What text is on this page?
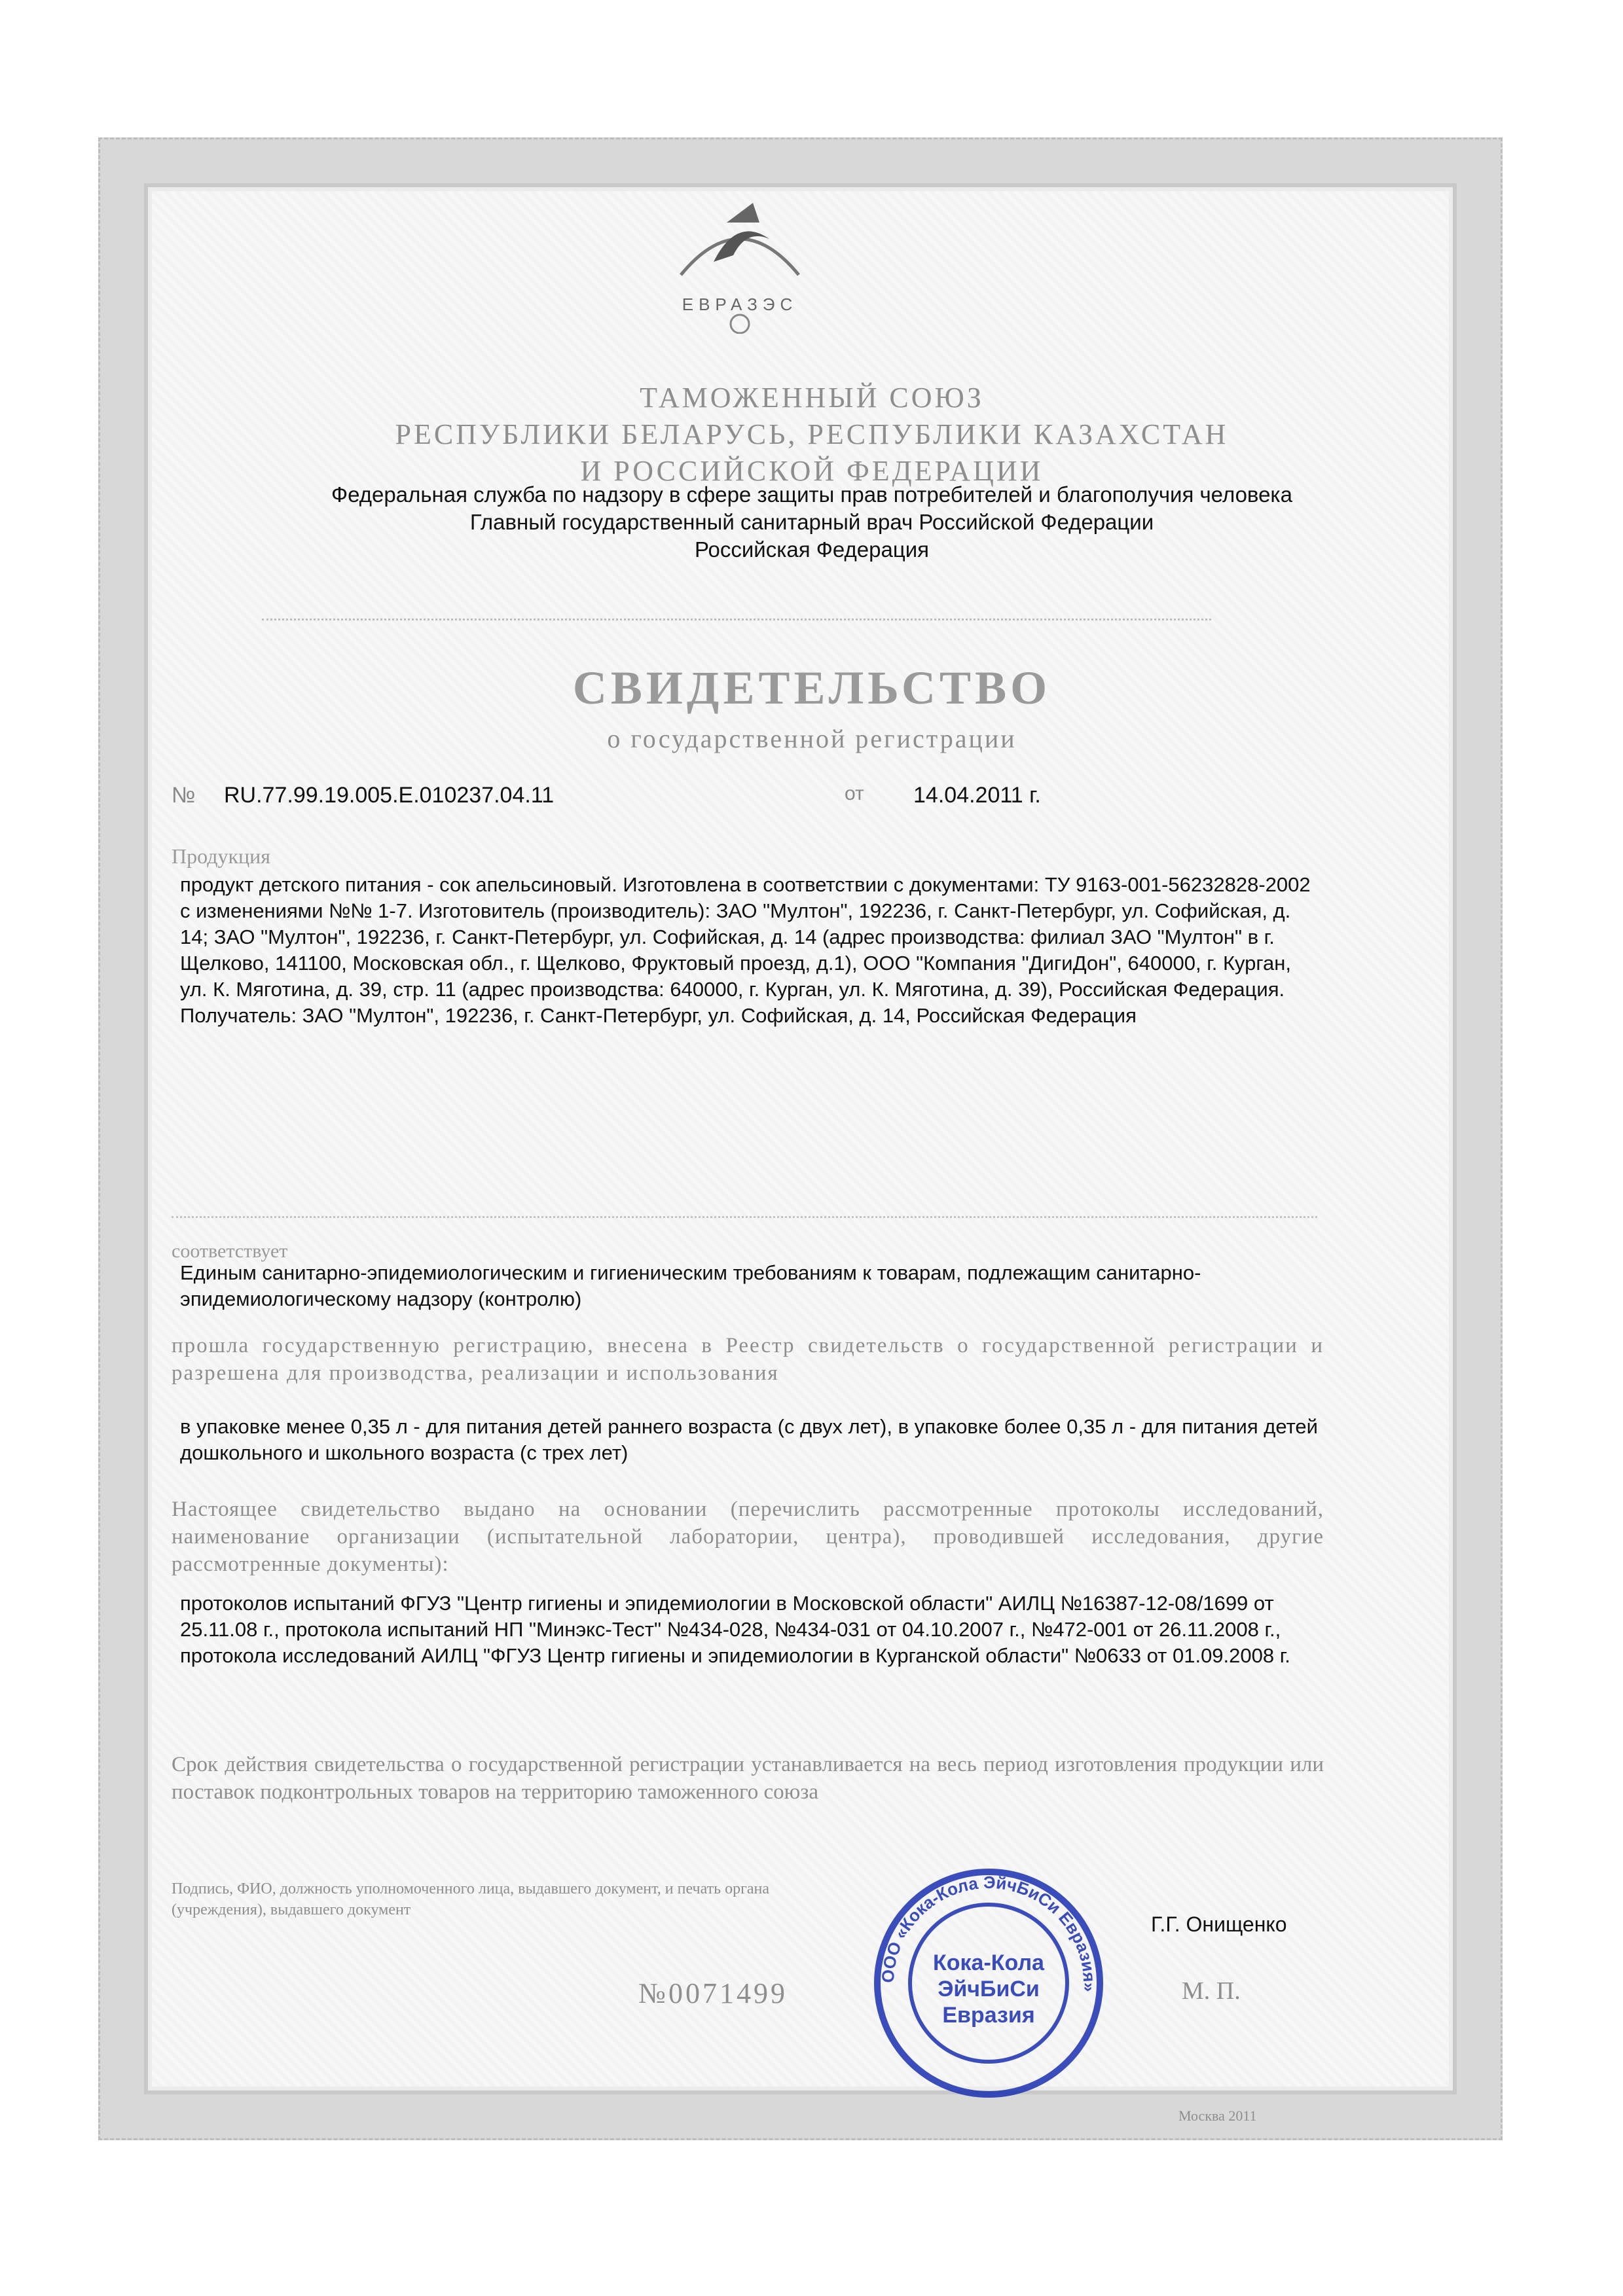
ЕВРАЗЭС
ТАМОЖЕННЫЙ СОЮЗ
РЕСПУБЛИКИ БЕЛАРУСЬ, РЕСПУБЛИКИ КАЗАХСТАН
И РОССИЙСКОЙ ФЕДЕРАЦИИ
Федеральная служба по надзору в сфере защиты прав потребителей и благополучия человека
Главный государственный санитарный врач Российской Федерации
Российская Федерация
СВИДЕТЕЛЬСТВО
о государственной регистрации
№ RU.77.99.19.005.Е.010237.04.11	от 14.04.2011 г.
Продукция
продукт детского питания - сок апельсиновый. Изготовлена в соответствии с документами: ТУ 9163-001-56232828-2002 с изменениями №№ 1-7. Изготовитель (производитель): ЗАО "Мултон", 192236, г. Санкт-Петербург, ул. Софийская, д. 14; ЗАО "Мултон", 192236, г. Санкт-Петербург, ул. Софийская, д. 14 (адрес производства: филиал ЗАО "Мултон" в г. Щелково, 141100, Московская обл., г. Щелково, Фруктовый проезд, д.1), ООО "Компания "ДигиДон", 640000, г. Курган, ул. К. Мяготина, д. 39, стр. 11 (адрес производства: 640000, г. Курган, ул. К. Мяготина, д. 39), Российская Федерация. Получатель: ЗАО "Мултон", 192236, г. Санкт-Петербург, ул. Софийская, д. 14, Российская Федерация
соответствует
Единым санитарно-эпидемиологическим и гигиеническим требованиям к товарам, подлежащим санитарно-эпидемиологическому надзору (контролю)
прошла государственную регистрацию, внесена в Реестр свидетельств о государственной регистрации и разрешена для производства, реализации и использования
в упаковке менее 0,35 л - для питания детей раннего возраста (с двух лет), в упаковке более 0,35 л - для питания детей дошкольного и школьного возраста (с трех лет)
Настоящее свидетельство выдано на основании (перечислить рассмотренные протоколы исследований, наименование организации (испытательной лаборатории, центра), проводившей исследования, другие рассмотренные документы):
протоколов испытаний ФГУЗ "Центр гигиены и эпидемиологии в Московской области" АИЛЦ №16387-12-08/1699 от 25.11.08 г., протокола испытаний НП "Минэкс-Тест" №434-028, №434-031 от 04.10.2007 г., №472-001 от 26.11.2008 г., протокола исследований АИЛЦ "ФГУЗ Центр гигиены и эпидемиологии в Курганской области" №0633 от 01.09.2008 г.
Срок действия свидетельства о государственной регистрации устанавливается на весь период изготовления продукции или поставок подконтрольных товаров на территорию таможенного союза
Подпись, ФИО, должность уполномоченного лица, выдавшего документ, и печать органа (учреждения), выдавшего документ
Г.Г. Онищенко
М. П.
№0071499
ООО «Кока-Кола ЭйчБиСи Евразия»
Кока-Кола
ЭйчБиСи
Евразия
Москва 2011
